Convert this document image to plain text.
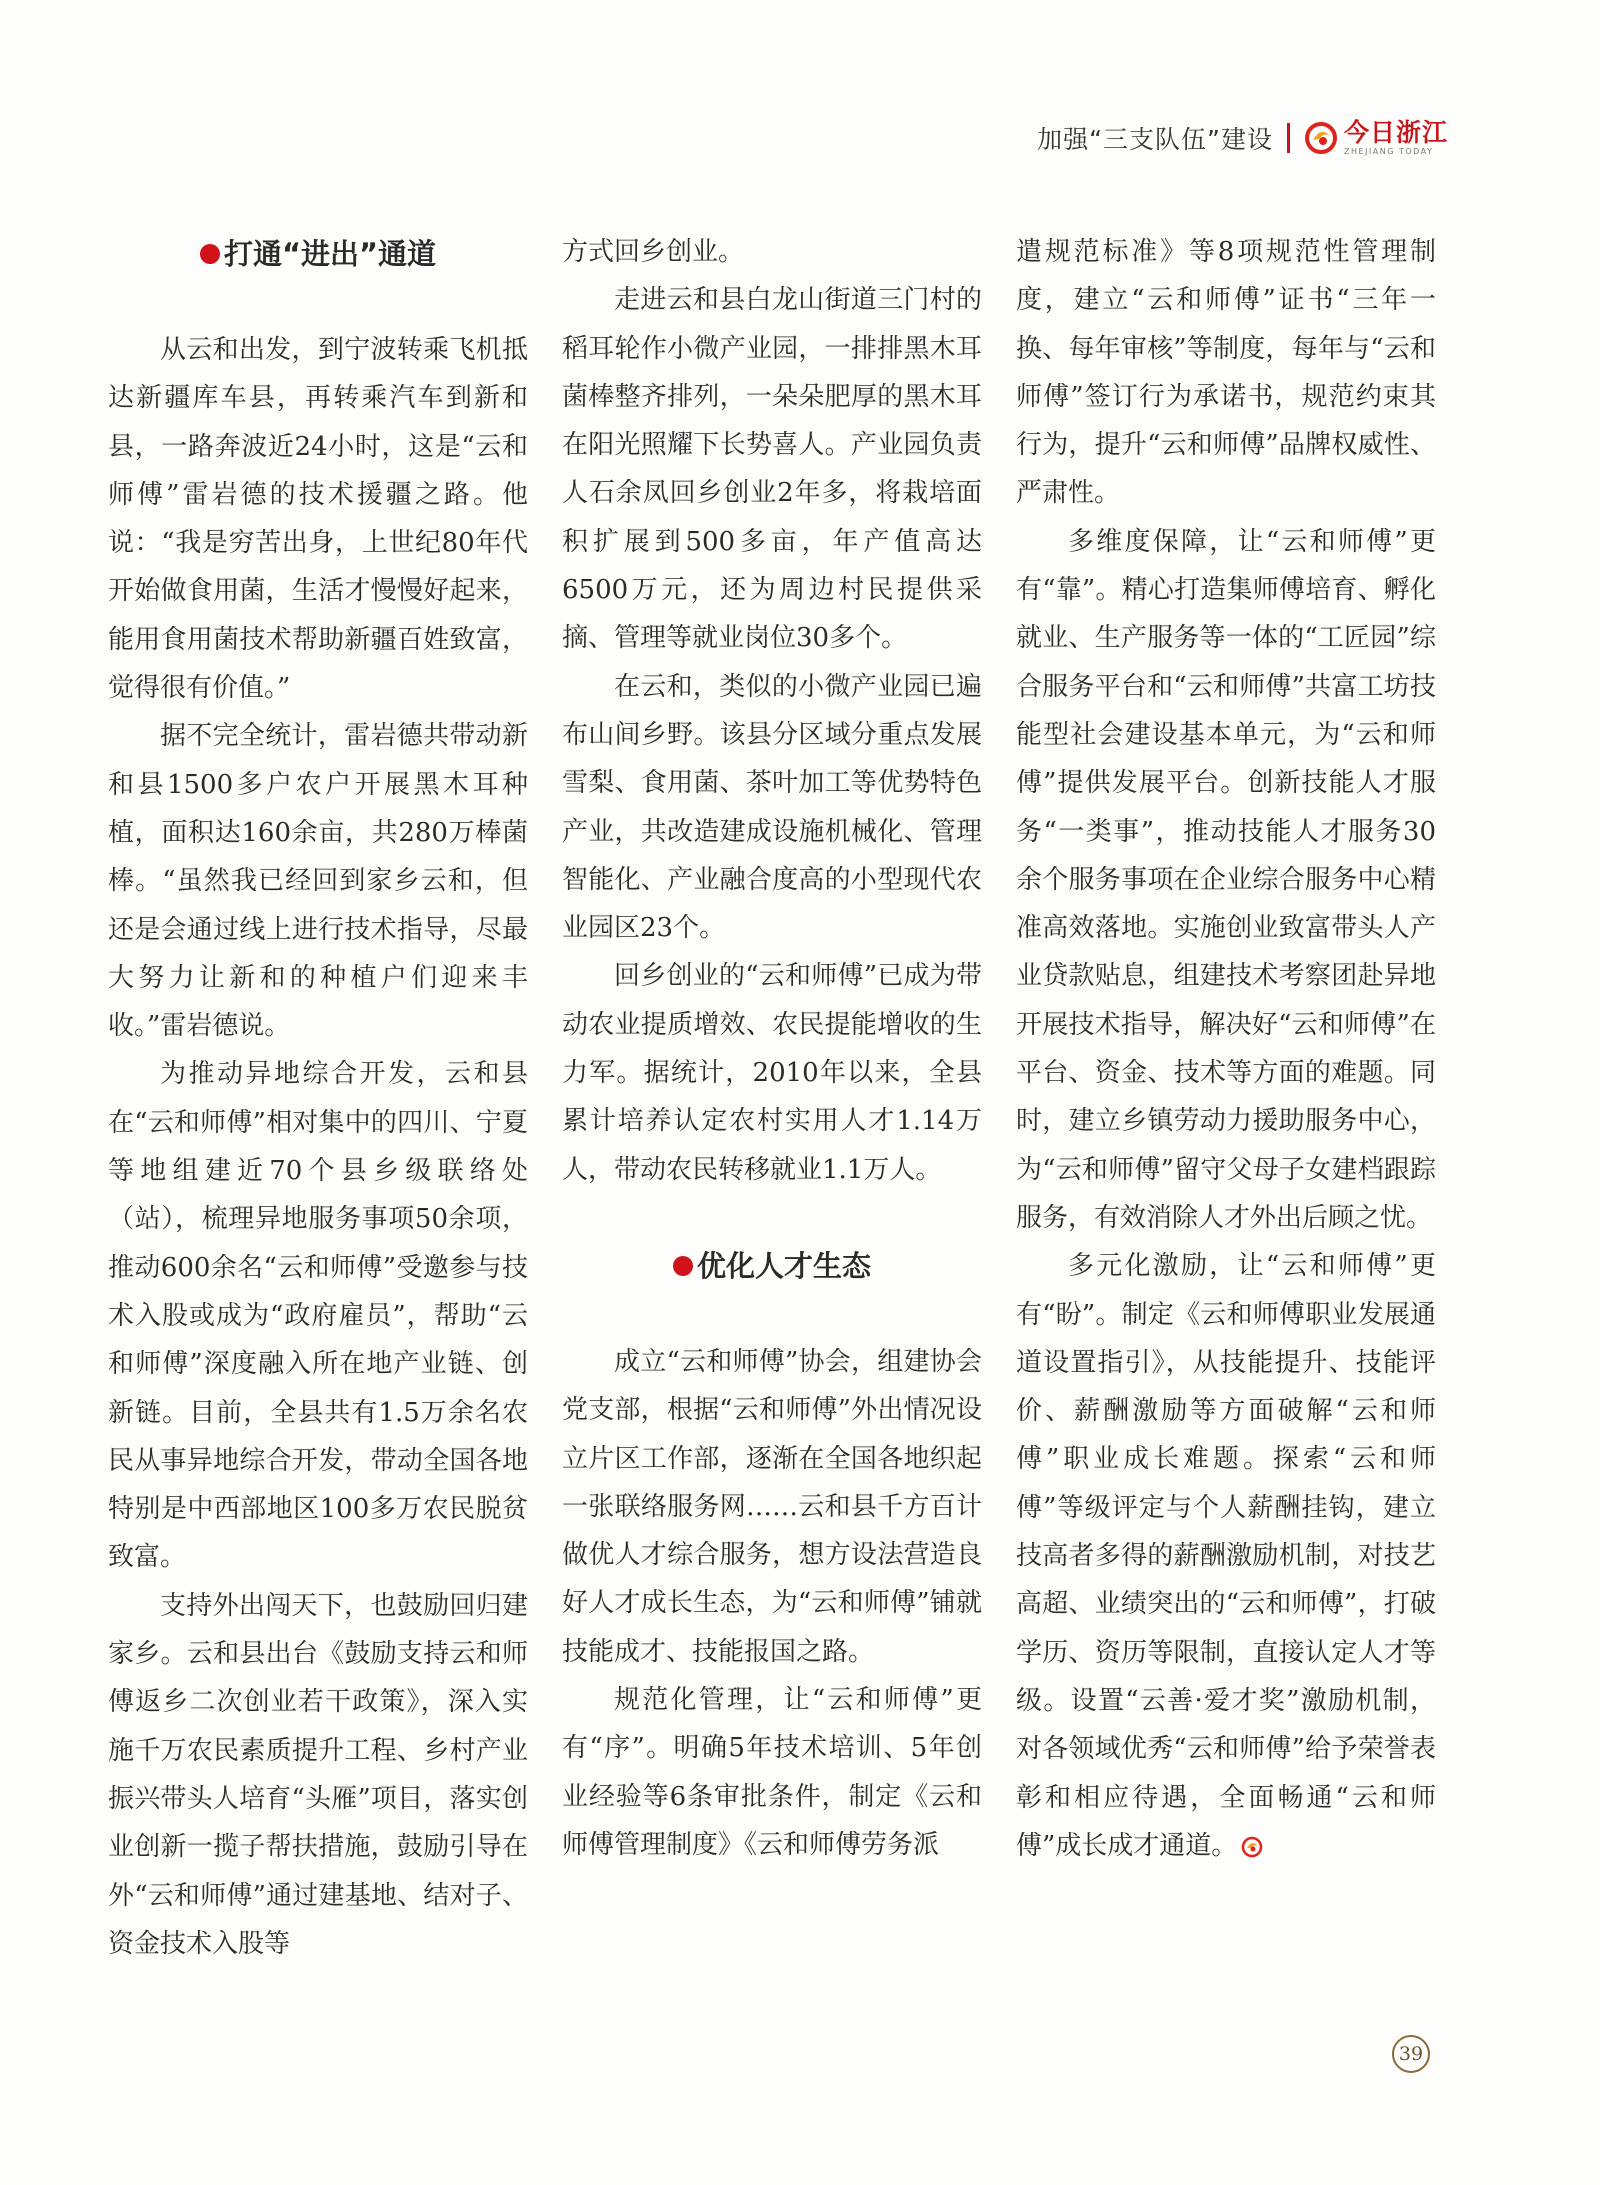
加强“三支队伍”建设	今日浙江
ZHEJIANG TODAY
打通“进出”通道

从云和出发，到宁波转乘飞机抵达新疆库车县，再转乘汽车到新和县，一路奔波近24小时，这是“云和师傅”雷岩德的技术援疆之路。他说：“我是穷苦出身，上世纪80年代开始做食用菌，生活才慢慢好起来，能用食用菌技术帮助新疆百姓致富，觉得很有价值。”

据不完全统计，雷岩德共带动新和县1500多户农户开展黑木耳种植，面积达160余亩，共280万棒菌棒。“虽然我已经回到家乡云和，但还是会通过线上进行技术指导，尽最大努力让新和的种植户们迎来丰收。”雷岩德说。

为推动异地综合开发，云和县在“云和师傅”相对集中的四川、宁夏等地组建近70个县乡级联络处（站），梳理异地服务事项50余项，推动600余名“云和师傅”受邀参与技术入股或成为“政府雇员”，帮助“云和师傅”深度融入所在地产业链、创新链。目前，全县共有1.5万余名农民从事异地综合开发，带动全国各地特别是中西部地区100多万农民脱贫致富。

支持外出闯天下，也鼓励回归建家乡。云和县出台《鼓励支持云和师傅返乡二次创业若干政策》，深入实施千万农民素质提升工程、乡村产业振兴带头人培育“头雁”项目，落实创业创新一揽子帮扶措施，鼓励引导在外“云和师傅”通过建基地、结对子、资金技术入股等

方式回乡创业。

走进云和县白龙山街道三门村的稻耳轮作小微产业园，一排排黑木耳菌棒整齐排列，一朵朵肥厚的黑木耳在阳光照耀下长势喜人。产业园负责人石余凤回乡创业2年多，将栽培面积扩展到500多亩，年产值高达6500万元，还为周边村民提供采摘、管理等就业岗位30多个。

在云和，类似的小微产业园已遍布山间乡野。该县分区域分重点发展雪梨、食用菌、茶叶加工等优势特色产业，共改造建成设施机械化、管理智能化、产业融合度高的小型现代农业园区23个。

回乡创业的“云和师傅”已成为带动农业提质增效、农民提能增收的生力军。据统计，2010年以来，全县累计培养认定农村实用人才1.14万人，带动农民转移就业1.1万人。

优化人才生态

成立“云和师傅”协会，组建协会党支部，根据“云和师傅”外出情况设立片区工作部，逐渐在全国各地织起一张联络服务网……云和县千方百计做优人才综合服务，想方设法营造良好人才成长生态，为“云和师傅”铺就技能成才、技能报国之路。

规范化管理，让“云和师傅”更有“序”。明确5年技术培训、5年创业经验等6条审批条件，制定《云和师傅管理制度》《云和师傅劳务派

遣规范标准》等8项规范性管理制度，建立“云和师傅”证书“三年一换、每年审核”等制度，每年与“云和师傅”签订行为承诺书，规范约束其行为，提升“云和师傅”品牌权威性、严肃性。

多维度保障，让“云和师傅”更有“靠”。精心打造集师傅培育、孵化就业、生产服务等一体的“工匠园”综合服务平台和“云和师傅”共富工坊技能型社会建设基本单元，为“云和师傅”提供发展平台。创新技能人才服务“一类事”，推动技能人才服务30余个服务事项在企业综合服务中心精准高效落地。实施创业致富带头人产业贷款贴息，组建技术考察团赴异地开展技术指导，解决好“云和师傅”在平台、资金、技术等方面的难题。同时，建立乡镇劳动力援助服务中心，为“云和师傅”留守父母子女建档跟踪服务，有效消除人才外出后顾之忧。

多元化激励，让“云和师傅”更有“盼”。制定《云和师傅职业发展通道设置指引》，从技能提升、技能评价、薪酬激励等方面破解“云和师傅”职业成长难题。探索“云和师傅”等级评定与个人薪酬挂钩，建立技高者多得的薪酬激励机制，对技艺高超、业绩突出的“云和师傅”，打破学历、资历等限制，直接认定人才等级。设置“云善·爱才奖”激励机制，对各领域优秀“云和师傅”给予荣誉表彰和相应待遇，全面畅通“云和师傅”成长成才通道。

39
